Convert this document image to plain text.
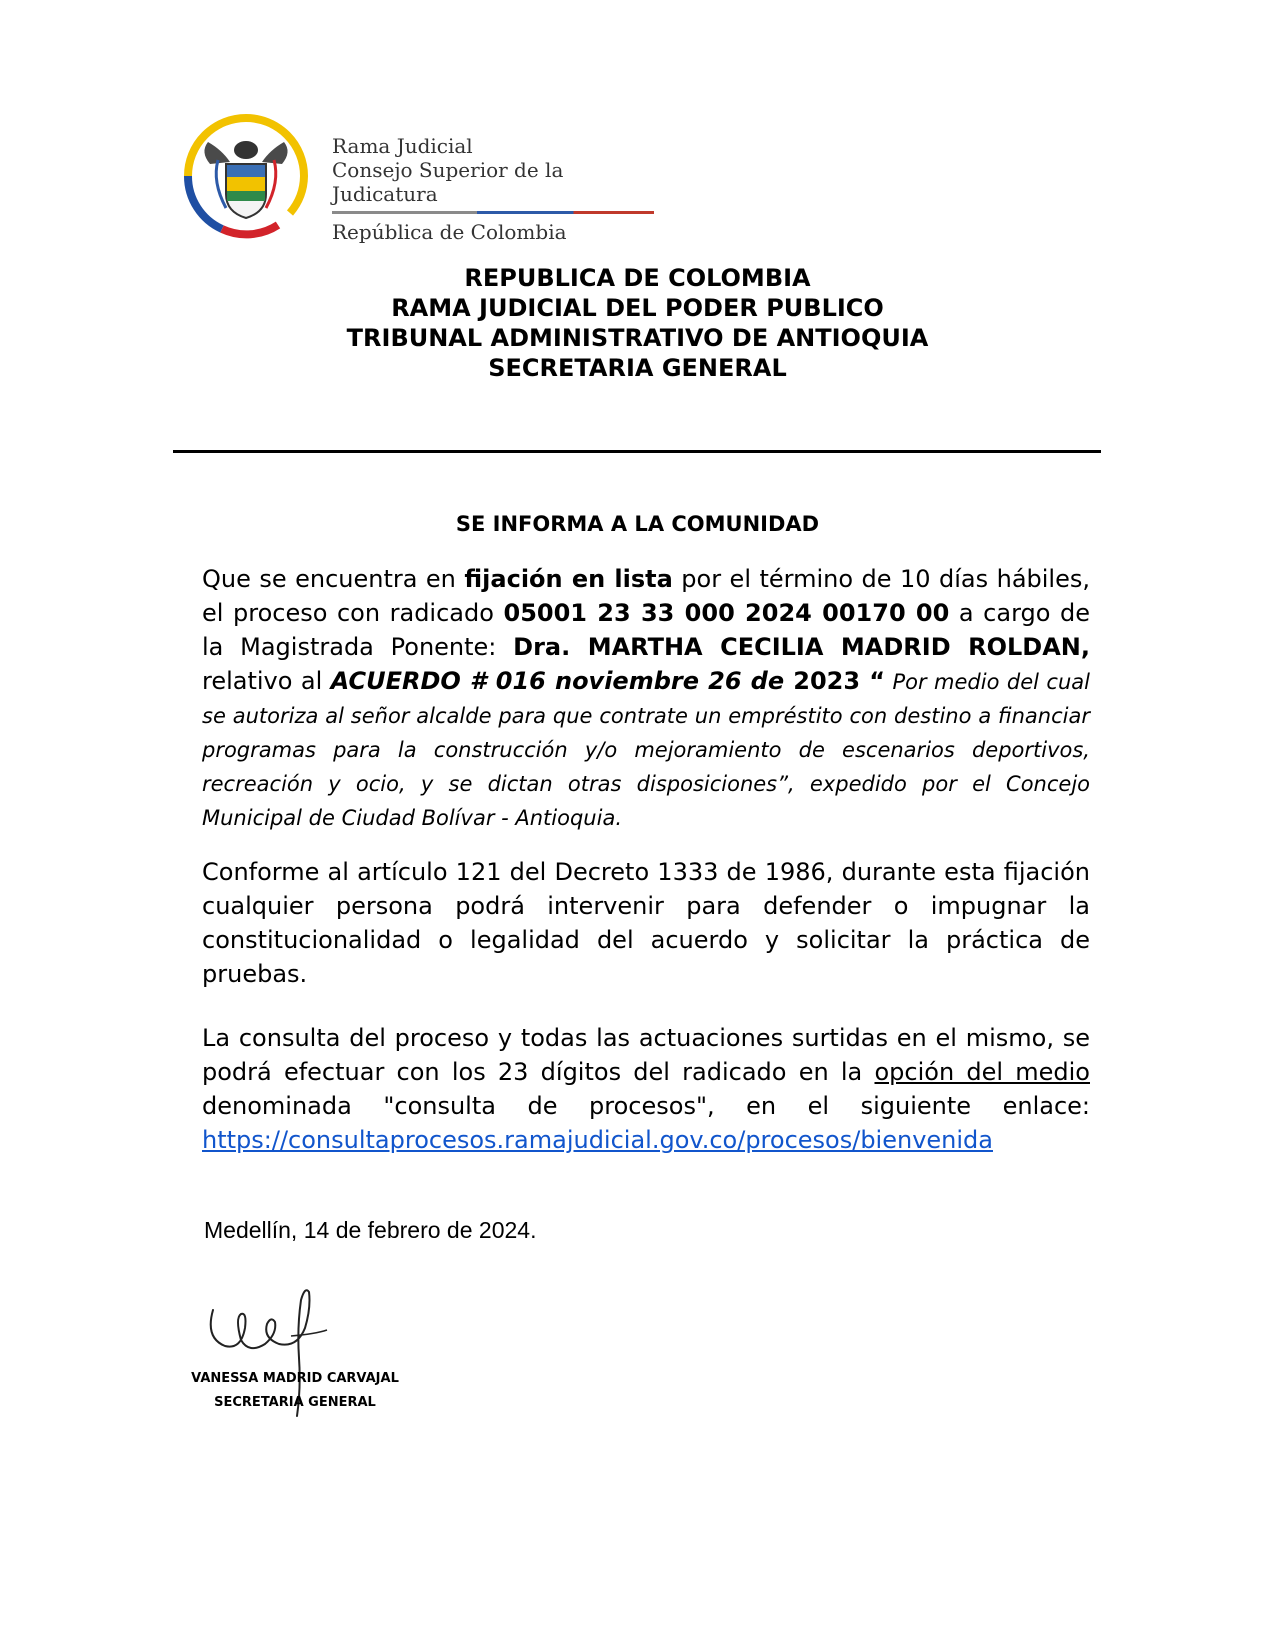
Rama Judicial
Consejo Superior de la Judicatura
República de Colombia
REPUBLICA DE COLOMBIA
RAMA JUDICIAL DEL PODER PUBLICO
TRIBUNAL ADMINISTRATIVO DE ANTIOQUIA
SECRETARIA GENERAL
SE INFORMA A LA COMUNIDAD
Que se encuentra en fijación en lista por el término de 10 días hábiles, el proceso con radicado 05001 23 33 000 2024 00170 00 a cargo de la Magistrada Ponente: Dra. MARTHA CECILIA MADRID ROLDAN, relativo al ACUERDO # 016 noviembre 26 de 2023 “ Por medio del cual se autoriza al señor alcalde para que contrate un empréstito con destino a financiar programas para la construcción y/o mejoramiento de escenarios deportivos, recreación y ocio, y se dictan otras disposiciones”, expedido por el Concejo Municipal de Ciudad Bolívar - Antioquia.
Conforme al artículo 121 del Decreto 1333 de 1986, durante esta fijación cualquier persona podrá intervenir para defender o impugnar la constitucionalidad o legalidad del acuerdo y solicitar la práctica de pruebas.
La consulta del proceso y todas las actuaciones surtidas en el mismo, se podrá efectuar con los 23 dígitos del radicado en la opción del medio denominada "consulta de procesos", en el siguiente enlace: https://consultaprocesos.ramajudicial.gov.co/procesos/bienvenida
Medellín, 14 de febrero de 2024.
VANESSA MADRID CARVAJAL
SECRETARIA GENERAL
